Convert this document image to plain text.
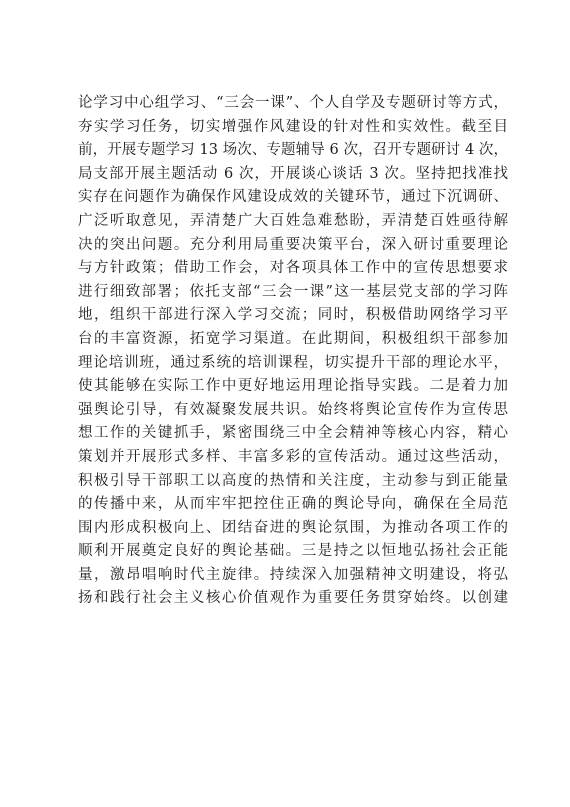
论学习中心组学习、“三会一课”、个人自学及专题研讨等方式，
夯实学习任务，切实增强作风建设的针对性和实效性。截至目
前，开展专题学习 13 场次、专题辅导 6 次，召开专题研讨 4 次，
局支部开展主题活动 6 次，开展谈心谈话 3 次。坚持把找准找
实存在问题作为确保作风建设成效的关键环节，通过下沉调研、
广泛听取意见，弄清楚广大百姓急难愁盼，弄清楚百姓亟待解
决的突出问题。充分利用局重要决策平台，深入研讨重要理论
与方针政策；借助工作会，对各项具体工作中的宣传思想要求
进行细致部署；依托支部“三会一课”这一基层党支部的学习阵
地，组织干部进行深入学习交流；同时，积极借助网络学习平
台的丰富资源，拓宽学习渠道。在此期间，积极组织干部参加
理论培训班，通过系统的培训课程，切实提升干部的理论水平，
使其能够在实际工作中更好地运用理论指导实践。二是着力加
强舆论引导，有效凝聚发展共识。始终将舆论宣传作为宣传思
想工作的关键抓手，紧密围绕三中全会精神等核心内容，精心
策划并开展形式多样、丰富多彩的宣传活动。通过这些活动，
积极引导干部职工以高度的热情和关注度，主动参与到正能量
的传播中来，从而牢牢把控住正确的舆论导向，确保在全局范
围内形成积极向上、团结奋进的舆论氛围，为推动各项工作的
顺利开展奠定良好的舆论基础。三是持之以恒地弘扬社会正能
量，激昂唱响时代主旋律。持续深入加强精神文明建设，将弘
扬和践行社会主义核心价值观作为重要任务贯穿始终。以创建
